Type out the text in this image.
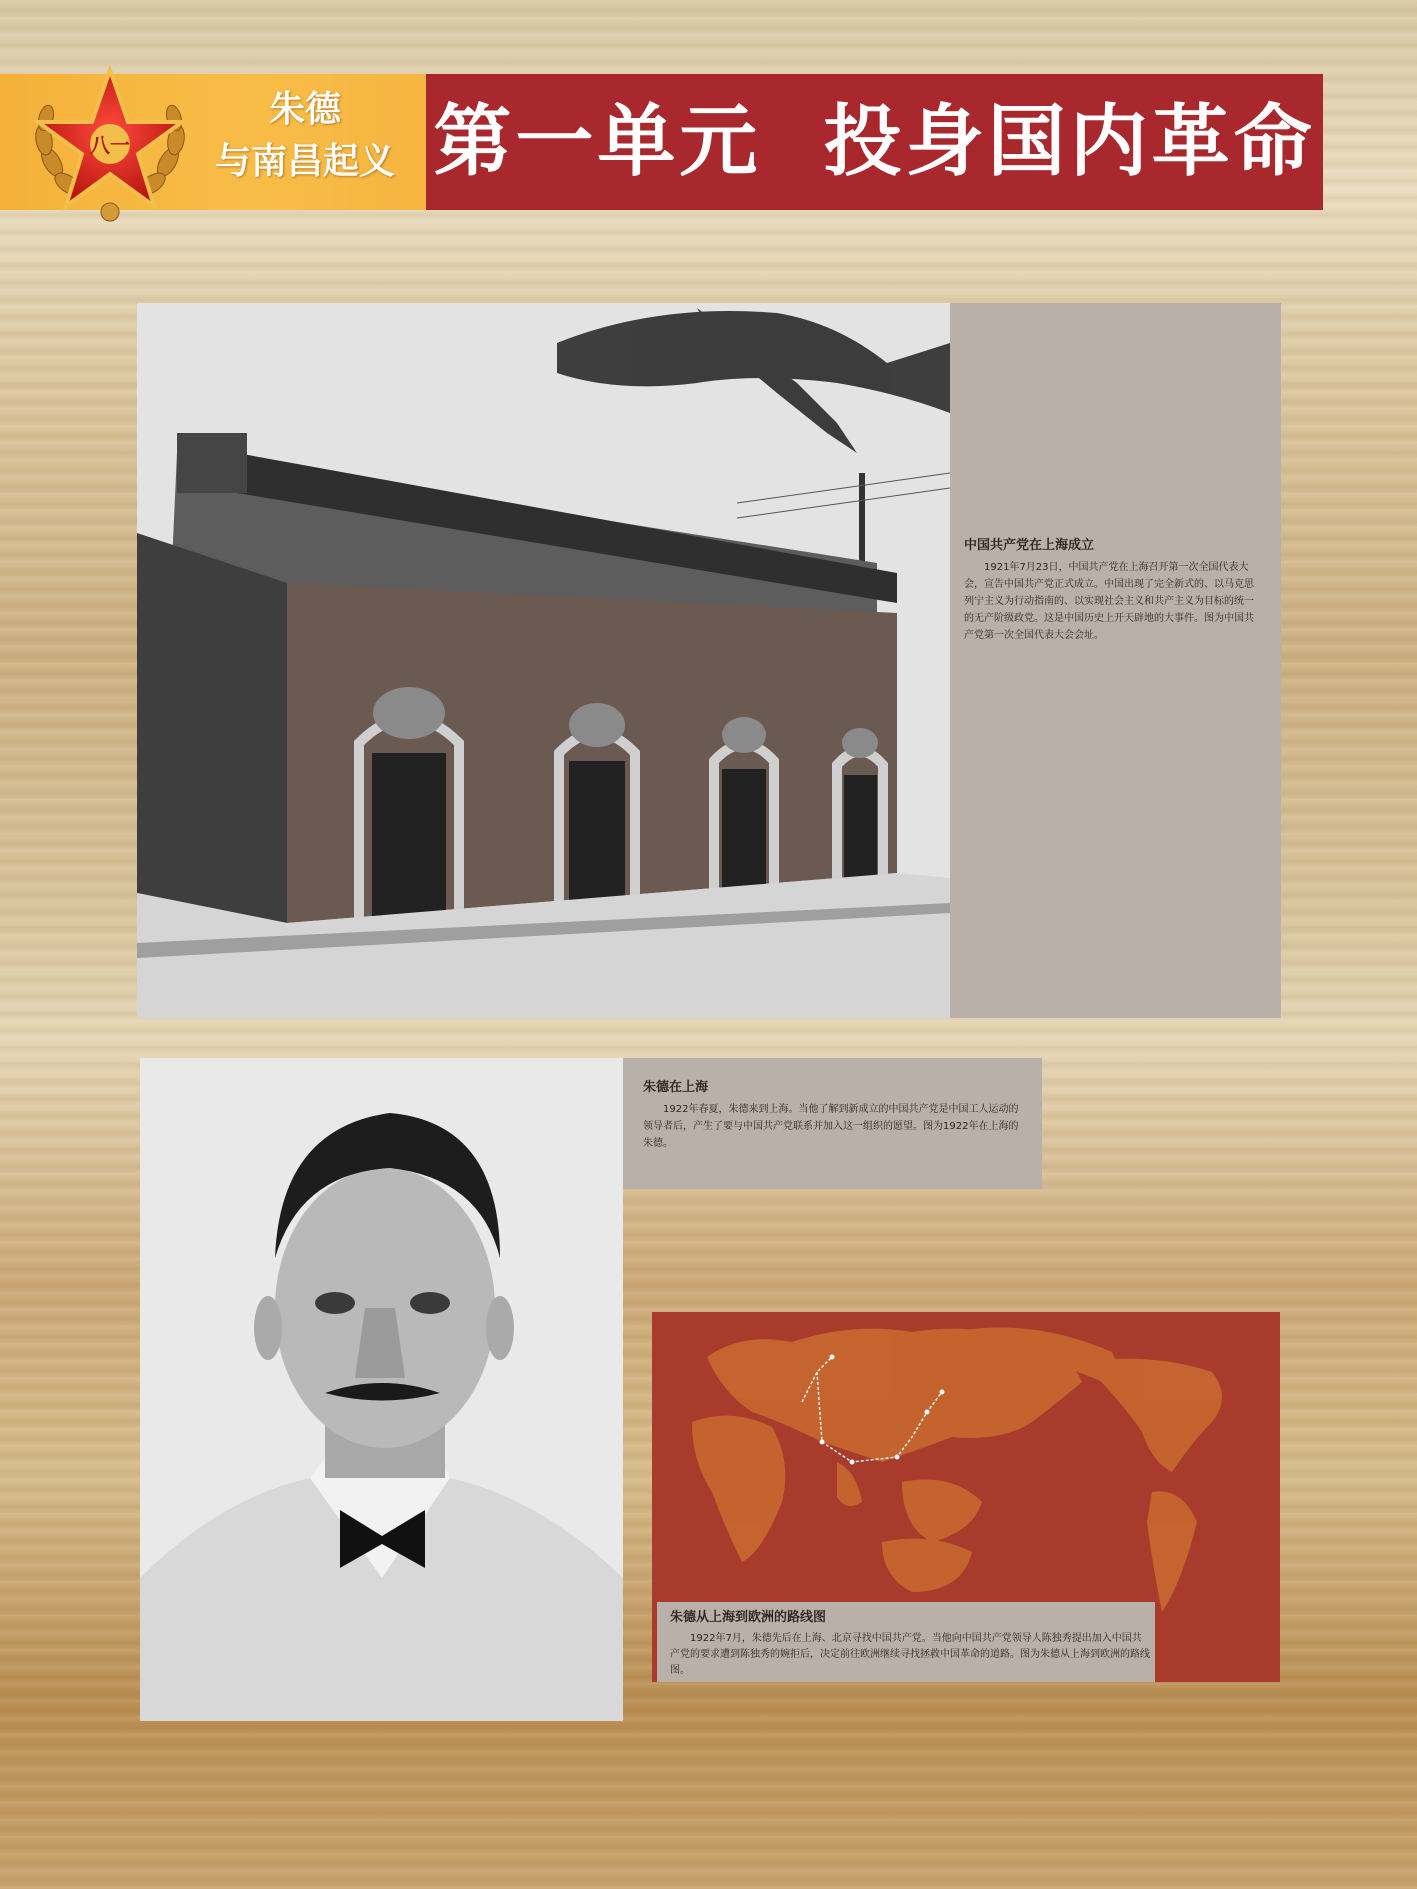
八一
朱德
与南昌起义 第一单元  投身国内革命

中国共产党在上海成立

1921年7月23日，中国共产党在上海召开第一次全国代表大会，宣告中国共产党正式成立。中国出现了完全新式的、以马克思列宁主义为行动指南的、以实现社会主义和共产主义为目标的统一的无产阶级政党。这是中国历史上开天辟地的大事件。图为中国共产党第一次全国代表大会会址。

朱德在上海

1922年春夏，朱德来到上海。当他了解到新成立的中国共产党是中国工人运动的领导者后，产生了要与中国共产党联系并加入这一组织的愿望。图为1922年在上海的朱德。

朱德从上海到欧洲的路线图

1922年7月，朱德先后在上海、北京寻找中国共产党。当他向中国共产党领导人陈独秀提出加入中国共产党的要求遭到陈独秀的婉拒后，决定前往欧洲继续寻找拯救中国革命的道路。图为朱德从上海到欧洲的路线图。
